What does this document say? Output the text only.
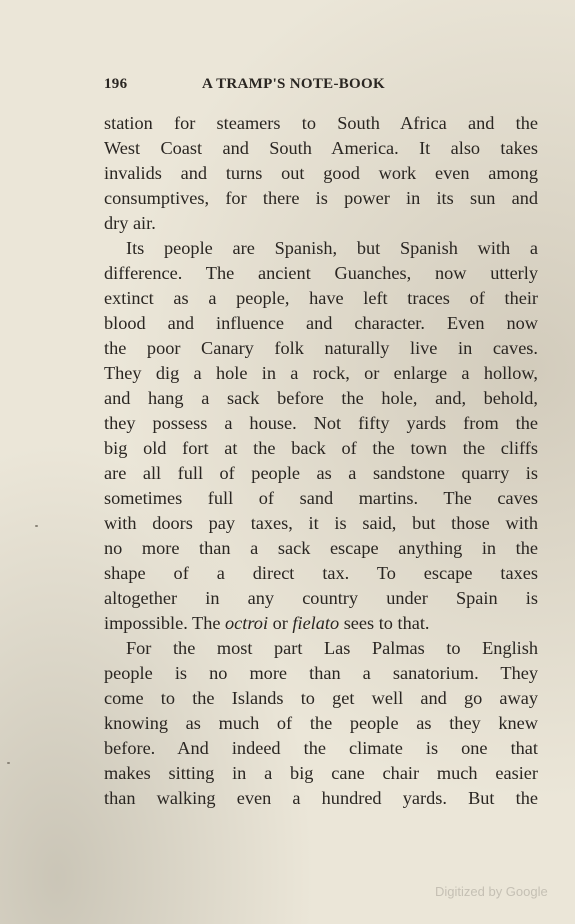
196	A TRAMP'S NOTE-BOOK
station for steamers to South Africa and the
West Coast and South America. It also takes
invalids and turns out good work even among
consumptives, for there is power in its sun and
dry air.
Its people are Spanish, but Spanish with a
difference. The ancient Guanches, now utterly
extinct as a people, have left traces of their
blood and influence and character. Even now
the poor Canary folk naturally live in caves.
They dig a hole in a rock, or enlarge a hollow,
and hang a sack before the hole, and, behold,
they possess a house. Not fifty yards from the
big old fort at the back of the town the cliffs
are all full of people as a sandstone quarry is
sometimes full of sand martins. The caves
with doors pay taxes, it is said, but those with
no more than a sack escape anything in the
shape of a direct tax. To escape taxes
altogether in any country under Spain is
impossible. The octroi or fielato sees to that.
For the most part Las Palmas to English
people is no more than a sanatorium. They
come to the Islands to get well and go away
knowing as much of the people as they knew
before. And indeed the climate is one that
makes sitting in a big cane chair much easier
than walking even a hundred yards. But the
Digitized by Google
